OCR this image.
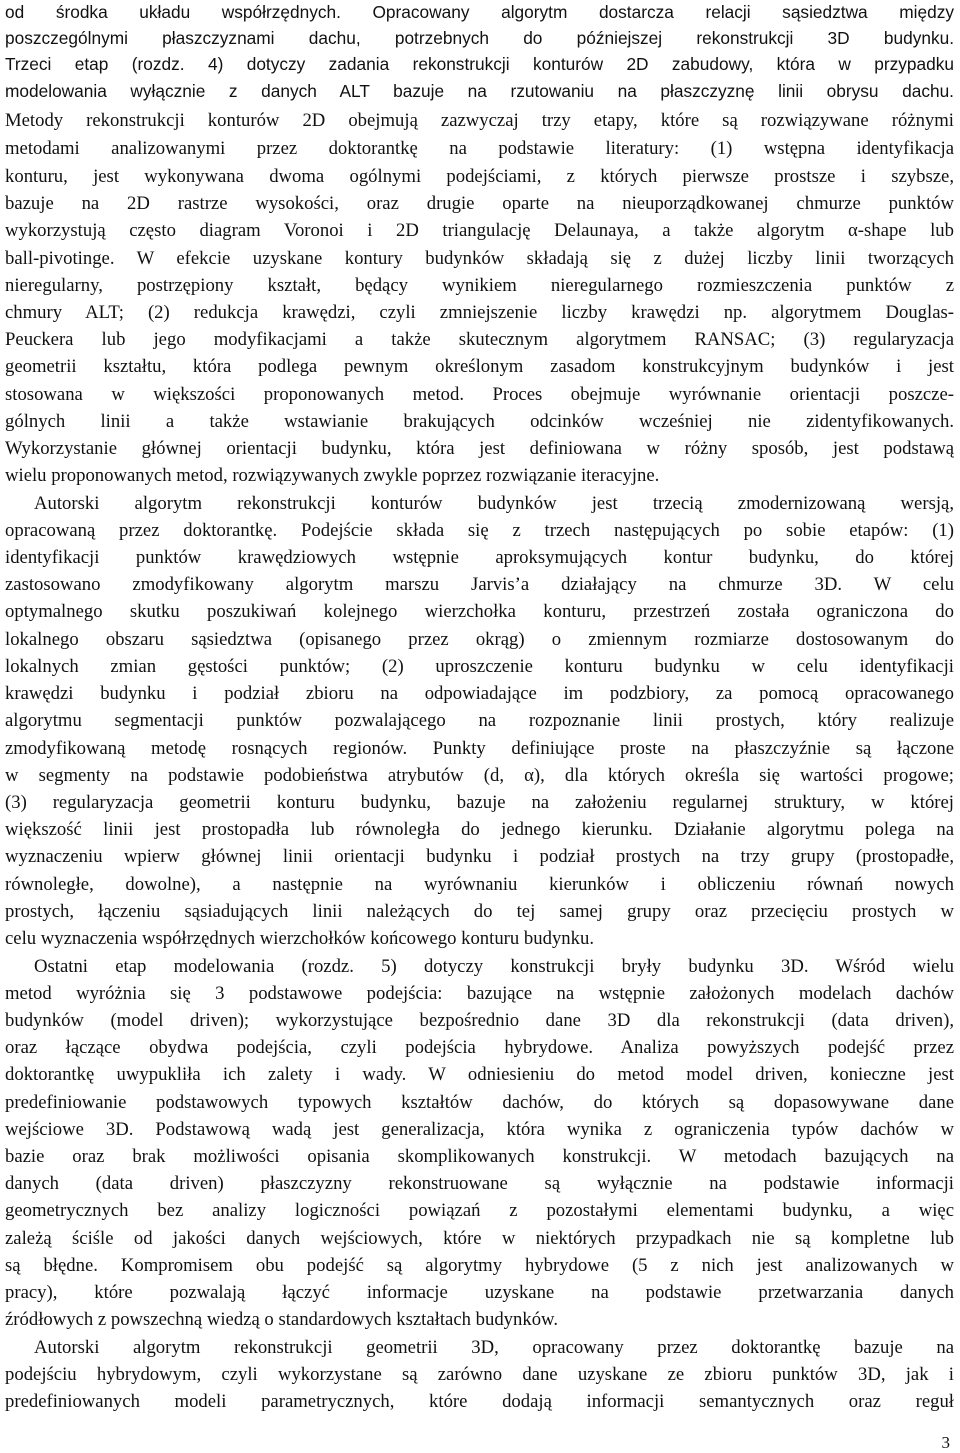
od środka układu współrzędnych. Opracowany algorytm dostarcza relacji sąsiedztwa między
poszczególnymi płaszczyznami dachu, potrzebnych do późniejszej rekonstrukcji 3D budynku.
Trzeci etap (rozdz. 4) dotyczy zadania rekonstrukcji konturów 2D zabudowy, która w przypadku
modelowania wyłącznie z danych ALT bazuje na rzutowaniu na płaszczyznę linii obrysu dachu.
Metody rekonstrukcji konturów 2D obejmują zazwyczaj trzy etapy, które są rozwiązywane różnymi
metodami analizowanymi przez doktorantkę na podstawie literatury: (1) wstępna identyfikacja
konturu, jest wykonywana dwoma ogólnymi podejściami, z których pierwsze prostsze i szybsze,
bazuje na 2D rastrze wysokości, oraz drugie oparte na nieuporządkowanej chmurze punktów
wykorzystują często diagram Voronoi i 2D triangulację Delaunaya, a także algorytm α-shape lub
ball-pivotinge. W efekcie uzyskane kontury budynków składają się z dużej liczby linii tworzących
nieregularny, postrzępiony kształt, będący wynikiem nieregularnego rozmieszczenia punktów z
chmury ALT; (2) redukcja krawędzi, czyli zmniejszenie liczby krawędzi np. algorytmem Douglas-
Peuckera lub jego modyfikacjami a także skutecznym algorytmem RANSAC; (3) regularyzacja
geometrii kształtu, która podlega pewnym określonym zasadom konstrukcyjnym budynków i jest
stosowana w większości proponowanych metod. Proces obejmuje wyrównanie orientacji poszcze-
gólnych linii a także wstawianie brakujących odcinków wcześniej nie zidentyfikowanych.
Wykorzystanie głównej orientacji budynku, która jest definiowana w różny sposób, jest podstawą
wielu proponowanych metod, rozwiązywanych zwykle poprzez rozwiązanie iteracyjne.
Autorski algorytm rekonstrukcji konturów budynków jest trzecią zmodernizowaną wersją,
opracowaną przez doktorantkę. Podejście składa się z trzech następujących po sobie etapów: (1)
identyfikacji punktów krawędziowych wstępnie aproksymujących kontur budynku, do której
zastosowano zmodyfikowany algorytm marszu Jarvis’a działający na chmurze 3D. W celu
optymalnego skutku poszukiwań kolejnego wierzchołka konturu, przestrzeń została ograniczona do
lokalnego obszaru sąsiedztwa (opisanego przez okrąg) o zmiennym rozmiarze dostosowanym do
lokalnych zmian gęstości punktów; (2) uproszczenie konturu budynku w celu identyfikacji
krawędzi budynku i podział zbioru na odpowiadające im podzbiory, za pomocą opracowanego
algorytmu segmentacji punktów pozwalającego na rozpoznanie linii prostych, który realizuje
zmodyfikowaną metodę rosnących regionów. Punkty definiujące proste na płaszczyźnie są łączone
w segmenty na podstawie podobieństwa atrybutów (d, α), dla których określa się wartości progowe;
(3) regularyzacja geometrii konturu budynku, bazuje na założeniu regularnej struktury, w której
większość linii jest prostopadła lub równoległa do jednego kierunku. Działanie algorytmu polega na
wyznaczeniu wpierw głównej linii orientacji budynku i podział prostych na trzy grupy (prostopadłe,
równoległe, dowolne), a następnie na wyrównaniu kierunków i obliczeniu równań nowych
prostych, łączeniu sąsiadujących linii należących do tej samej grupy oraz przecięciu prostych w
celu wyznaczenia współrzędnych wierzchołków końcowego konturu budynku.
Ostatni etap modelowania (rozdz. 5) dotyczy konstrukcji bryły budynku 3D. Wśród wielu
metod wyróżnia się 3 podstawowe podejścia: bazujące na wstępnie założonych modelach dachów
budynków (model driven); wykorzystujące bezpośrednio dane 3D dla rekonstrukcji (data driven),
oraz łączące obydwa podejścia, czyli podejścia hybrydowe. Analiza powyższych podejść przez
doktorantkę uwypukliła ich zalety i wady. W odniesieniu do metod model driven, konieczne jest
predefiniowanie podstawowych typowych kształtów dachów, do których są dopasowywane dane
wejściowe 3D. Podstawową wadą jest generalizacja, która wynika z ograniczenia typów dachów w
bazie oraz brak możliwości opisania skomplikowanych konstrukcji. W metodach bazujących na
danych (data driven) płaszczyzny rekonstruowane są wyłącznie na podstawie informacji
geometrycznych bez analizy logiczności powiązań z pozostałymi elementami budynku, a więc
zależą ściśle od jakości danych wejściowych, które w niektórych przypadkach nie są kompletne lub
są błędne. Kompromisem obu podejść są algorytmy hybrydowe (5 z nich jest analizowanych w
pracy), które pozwalają łączyć informacje uzyskane na podstawie przetwarzania danych
źródłowych z powszechną wiedzą o standardowych kształtach budynków.
Autorski algorytm rekonstrukcji geometrii 3D, opracowany przez doktorantkę bazuje na
podejściu hybrydowym, czyli wykorzystane są zarówno dane uzyskane ze zbioru punktów 3D, jak i
predefiniowanych modeli parametrycznych, które dodają informacji semantycznych oraz reguł
3
